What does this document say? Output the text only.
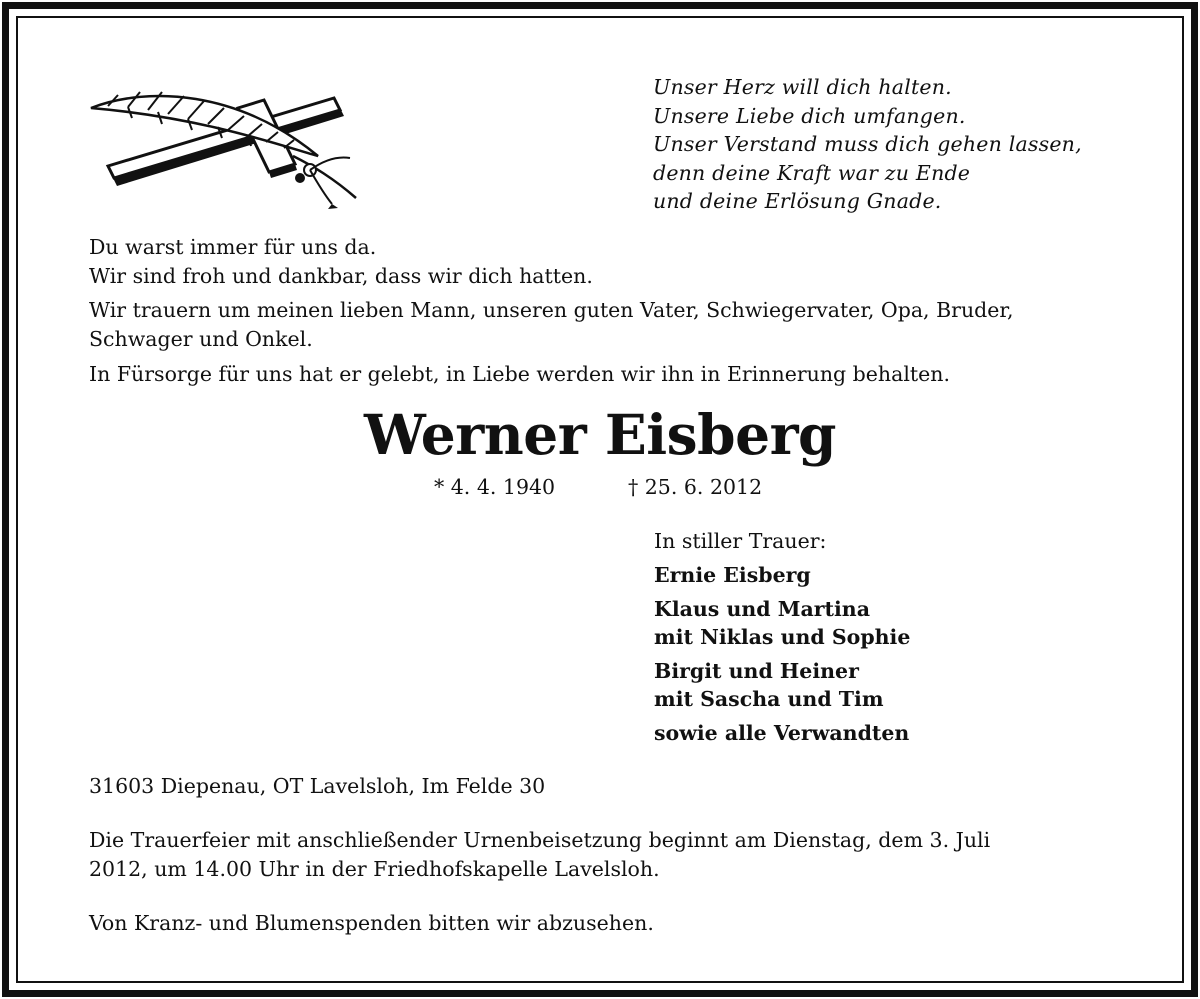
Unser Herz will dich halten.
Unsere Liebe dich umfangen.
Unser Verstand muss dich gehen lassen,
denn deine Kraft war zu Ende
und deine Erlösung Gnade.
Du warst immer für uns da.
Wir sind froh und dankbar, dass wir dich hatten.
Wir trauern um meinen lieben Mann, unseren guten Vater, Schwiegervater, Opa, Bruder,
Schwager und Onkel.
In Fürsorge für uns hat er gelebt, in Liebe werden wir ihn in Erinnerung behalten.
Werner Eisberg
* 4. 4. 1940	† 25. 6. 2012
In stiller Trauer:
Ernie Eisberg
Klaus und Martina
mit Niklas und Sophie
Birgit und Heiner
mit Sascha und Tim
sowie alle Verwandten
31603 Diepenau, OT Lavelsloh, Im Felde 30
Die Trauerfeier mit anschließender Urnenbeisetzung beginnt am Dienstag, dem 3. Juli
2012, um 14.00 Uhr in der Friedhofskapelle Lavelsloh.
Von Kranz- und Blumenspenden bitten wir abzusehen.
